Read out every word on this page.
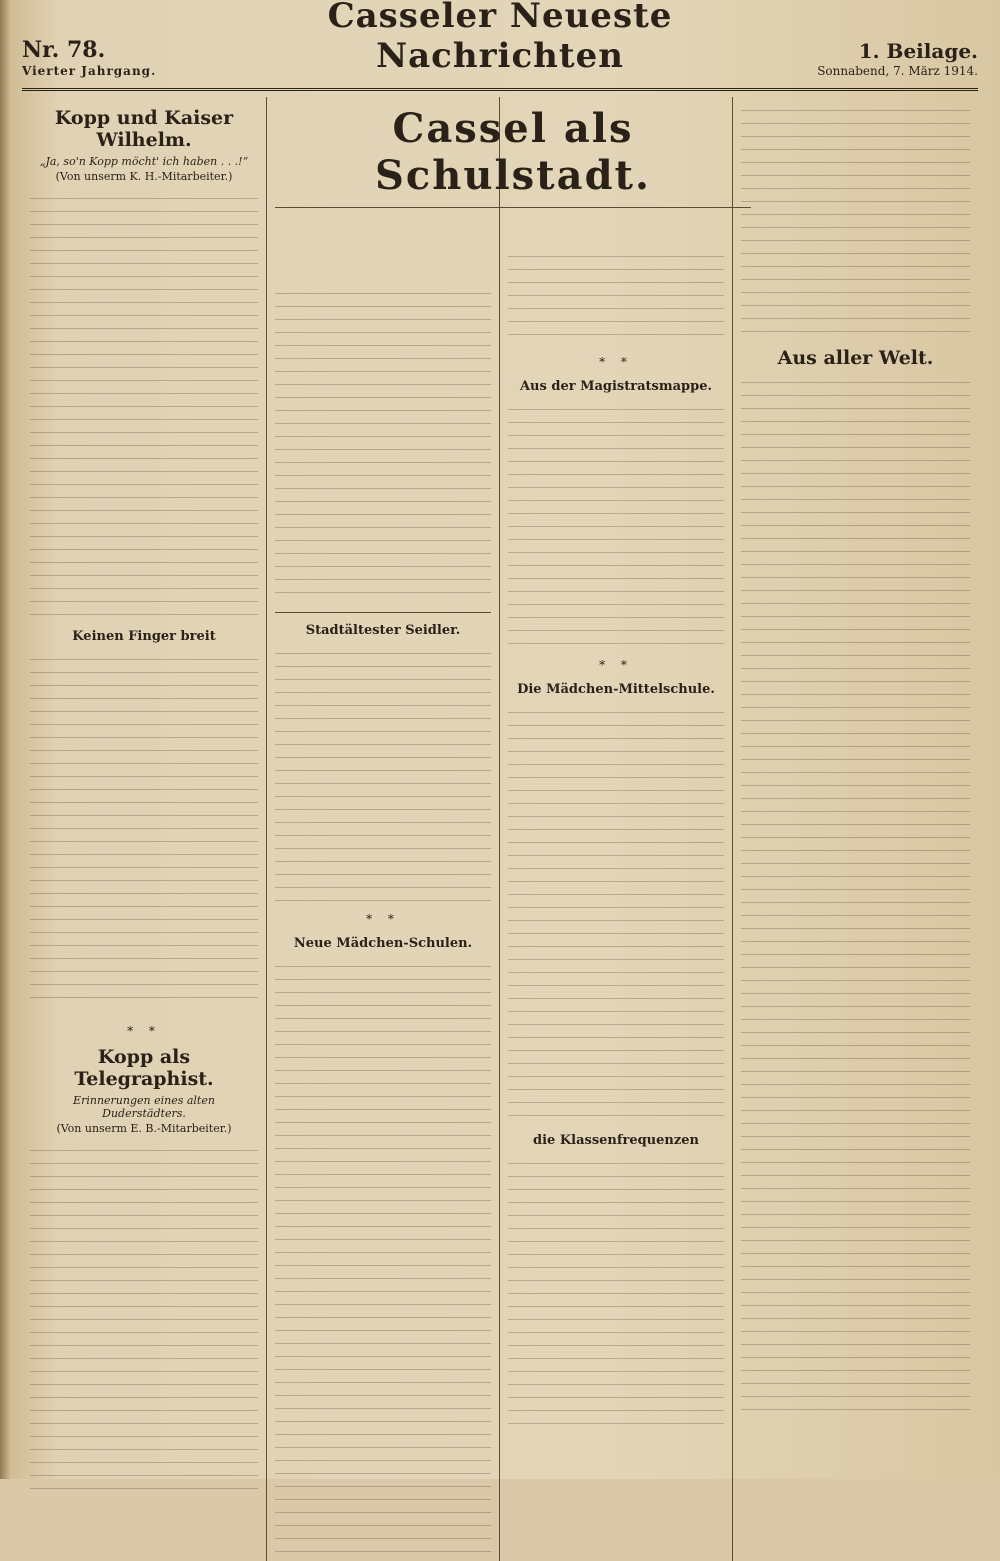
Nr. 78.
Vierter Jahrgang.
Casseler Neueste Nachrichten	1. Beilage.
Sonnabend, 7. März 1914.
Kopp und Kaiser Wilhelm.
„Ja, so'n Kopp möcht' ich haben . . .!“
(Von unserm K. H.-Mitarbeiter.)
Keinen Finger breit
* *
Kopp als Telegraphist.
Erinnerungen eines alten Duderstädters.
(Von unserm E. B.-Mitarbeiter.)
Cassel als Schulstadt.
Stadtältester Seidler.
* *
Neue Mädchen-Schulen.
* *
Aus der Magistratsmappe.
* *
Die Mädchen-Mittelschule.
die Klassenfrequenzen
Aus aller Welt.
